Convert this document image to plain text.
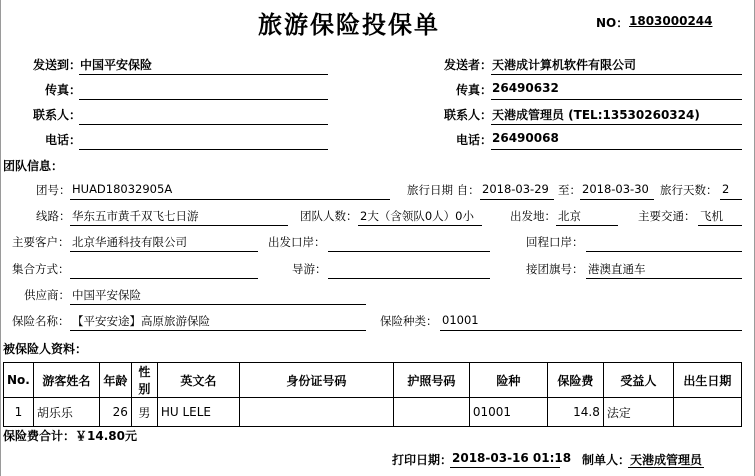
旅游保险投保单	NO： 1803000244
发送到：
中国平安保险
传真：
联系人：
电话：
发送者： 天港成计算机软件有限公司
传真： 26490632
联系人： 天港成管理员 (TEL:13530260324)
电话： 26490068
团队信息：
团号： HUAD18032905A	旅行日期 自： 2018-03-29 至： 2018-03-30 旅行天数： 2
线路： 华东五市黄千双飞七日游	团队人数： 2大（含领队0人）0小	出发地： 北京	主要交通： 飞机
主要客户： 北京华通科技有限公司	出发口岸：	回程口岸：
集合方式：	导游：	接团旗号： 港澳直通车
供应商： 中国平安保险
保险名称： 【平安安途】高原旅游保险	保险种类： 01001
被保险人资料：
No.	游客姓名	年龄	性别	英文名	身份证号码	护照号码	险种	保险费	受益人	出生日期
1	胡乐乐	26	男	HU LELE			01001	14.8	法定	
保险费合计： ￥14.80元
打印日期： 2018-03-16 01:18 制单人： 天港成管理员
